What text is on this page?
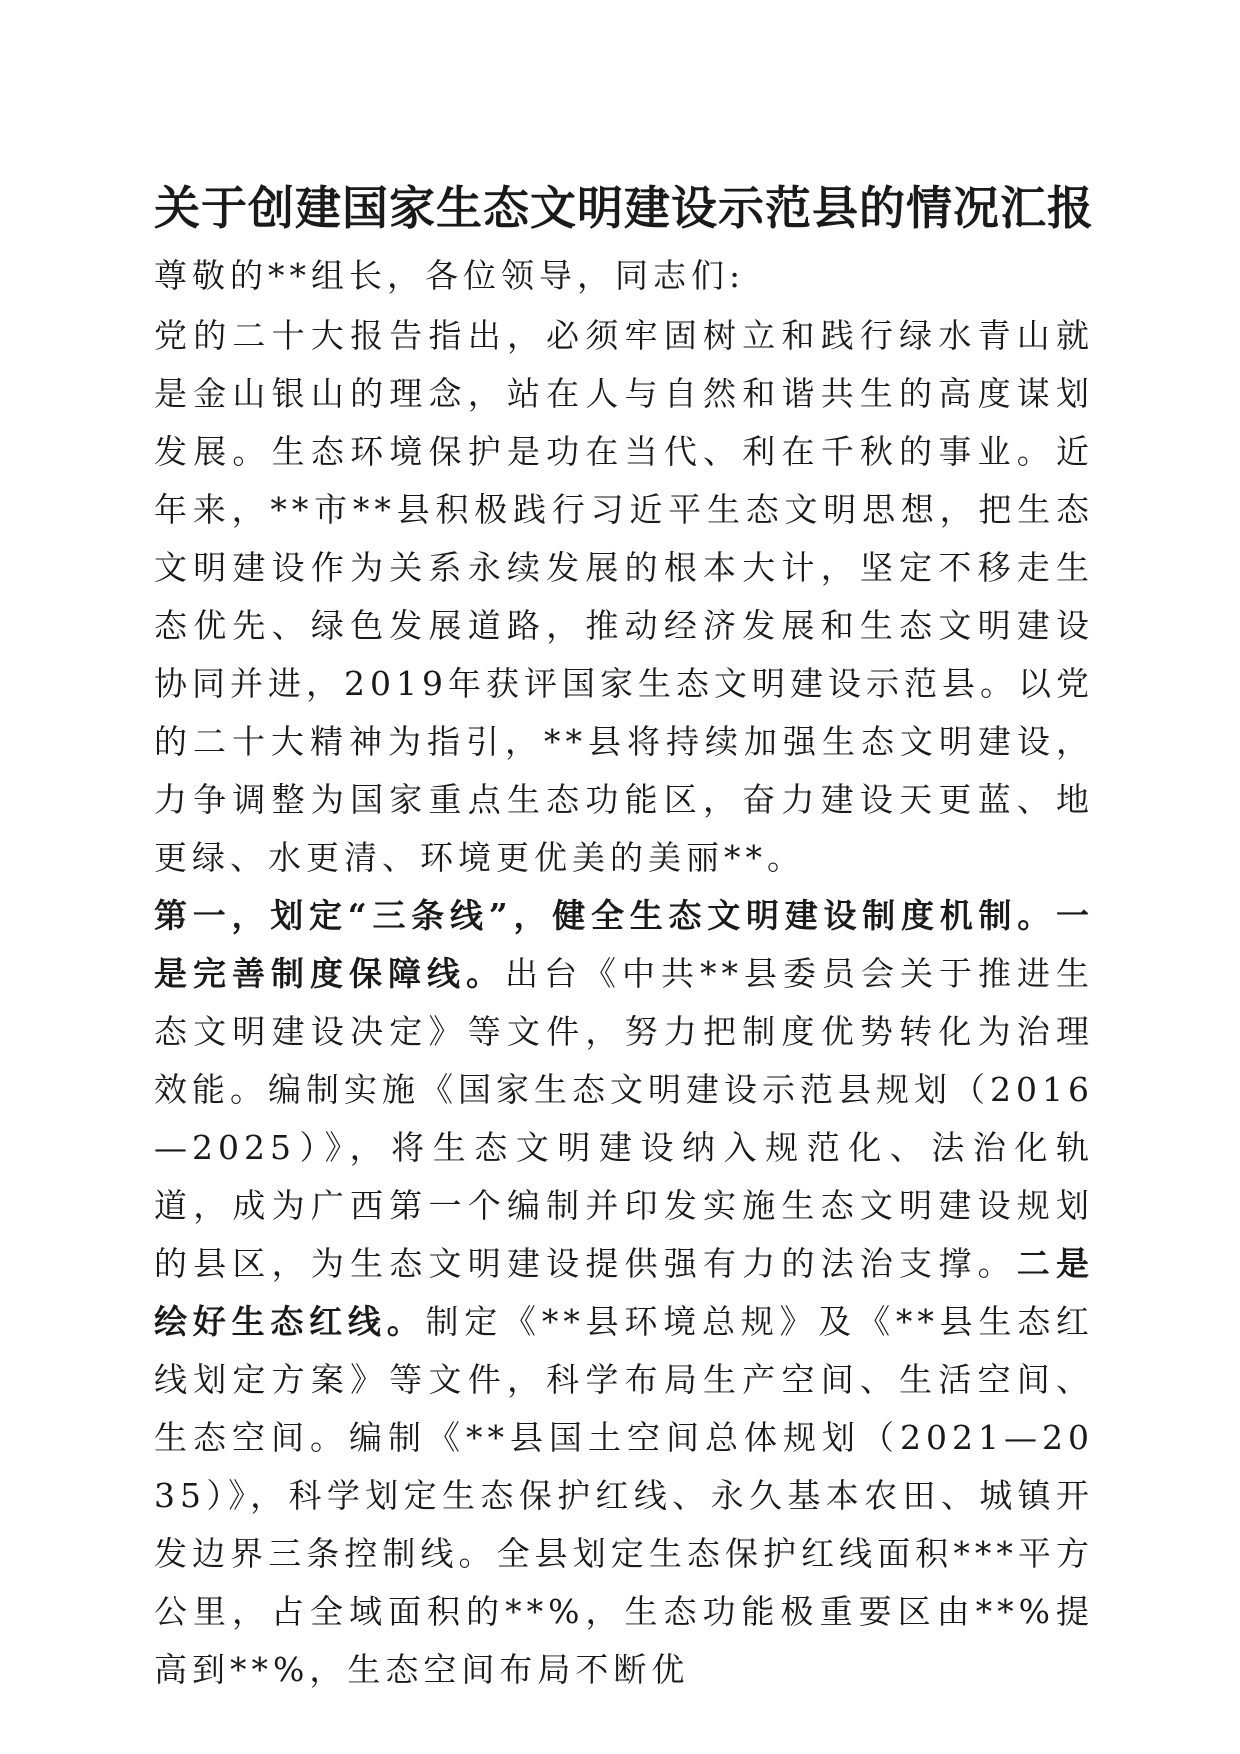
关于创建国家生态文明建设示范县的情况汇报

尊敬的**组长，各位领导，同志们:

党的二十大报告指出，必须牢固树立和践行绿水青山就是金山银山的理念，站在人与自然和谐共生的高度谋划发展。生态环境保护是功在当代、利在千秋的事业。近年来，**市**县积极践行习近平生态文明思想，把生态文明建设作为关系永续发展的根本大计，坚定不移走生态优先、绿色发展道路，推动经济发展和生态文明建设协同并进，2019年获评国家生态文明建设示范县。以党的二十大精神为指引，**县将持续加强生态文明建设，力争调整为国家重点生态功能区，奋力建设天更蓝、地更绿、水更清、环境更优美的美丽**。

第一，划定“三条线”，健全生态文明建设制度机制。一是完善制度保障线。出台《中共**县委员会关于推进生态文明建设决定》等文件，努力把制度优势转化为治理效能。编制实施《国家生态文明建设示范县规划（2016—2025）》，将生态文明建设纳入规范化、法治化轨道，成为广西第一个编制并印发实施生态文明建设规划的县区，为生态文明建设提供强有力的法治支撑。二是绘好生态红线。制定《**县环境总规》及《**县生态红线划定方案》等文件，科学布局生产空间、生活空间、生态空间。编制《**县国土空间总体规划（2021—2035）》，科学划定生态保护红线、永久基本农田、城镇开发边界三条控制线。全县划定生态保护红线面积***平方公里，占全域面积的**%，生态功能极重要区由**%提高到**%，生态空间布局不断优
